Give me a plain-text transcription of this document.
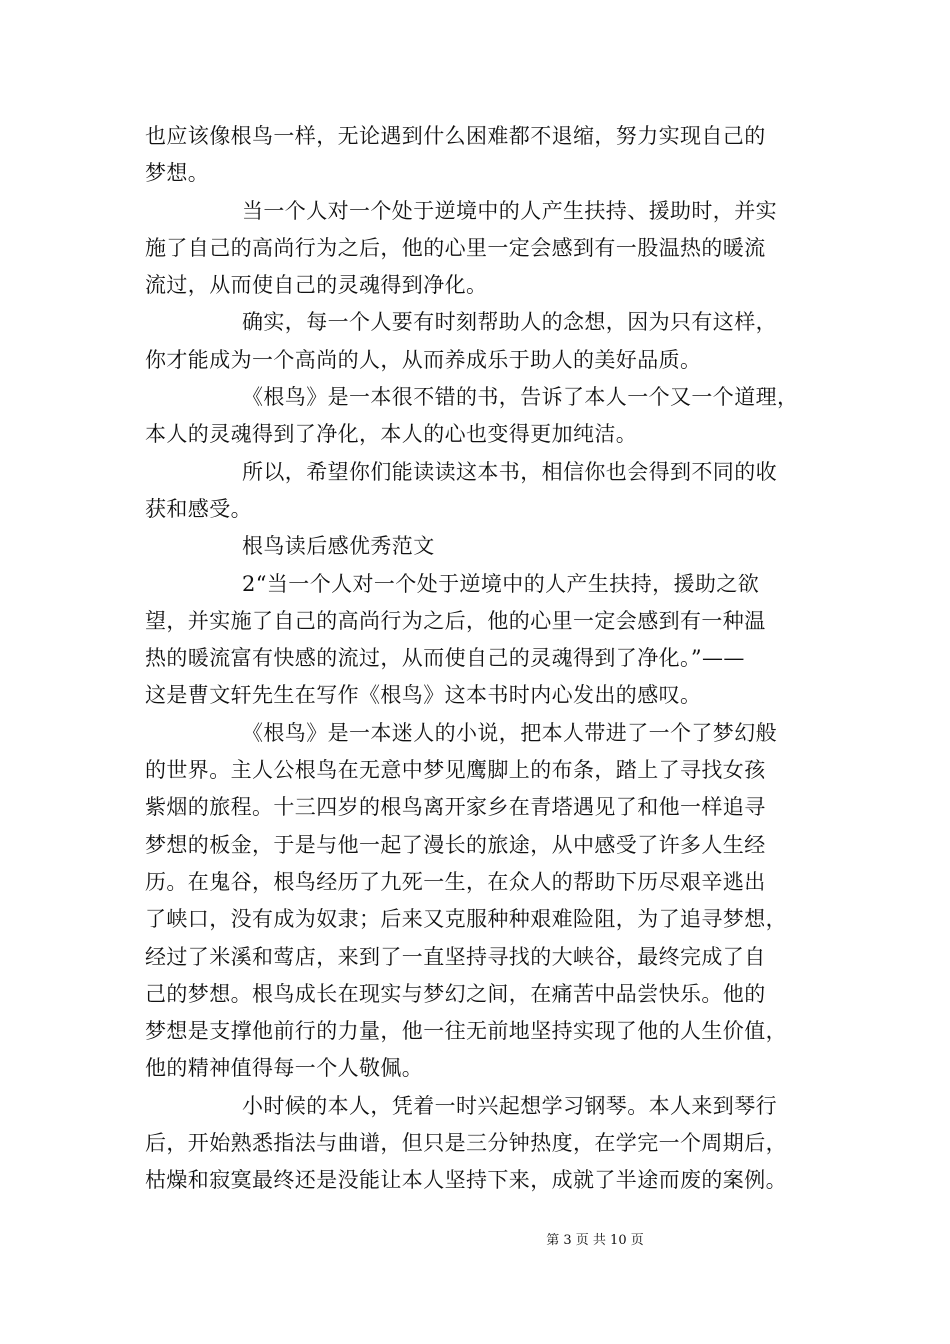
也应该像根鸟一样，无论遇到什么困难都不退缩，努力实现自己的
梦想。
当一个人对一个处于逆境中的人产生扶持、援助时，并实
施了自己的高尚行为之后，他的心里一定会感到有一股温热的暖流
流过，从而使自己的灵魂得到净化。
确实，每一个人要有时刻帮助人的念想，因为只有这样，
你才能成为一个高尚的人，从而养成乐于助人的美好品质。
《根鸟》是一本很不错的书，告诉了本人一个又一个道理，
本人的灵魂得到了净化，本人的心也变得更加纯洁。
所以，希望你们能读读这本书，相信你也会得到不同的收
获和感受。
根鸟读后感优秀范文
2“当一个人对一个处于逆境中的人产生扶持，援助之欲
望，并实施了自己的高尚行为之后，他的心里一定会感到有一种温
热的暖流富有快感的流过，从而使自己的灵魂得到了净化。”——
这是曹文轩先生在写作《根鸟》这本书时内心发出的感叹。
《根鸟》是一本迷人的小说，把本人带进了一个了梦幻般
的世界。主人公根鸟在无意中梦见鹰脚上的布条，踏上了寻找女孩
紫烟的旅程。十三四岁的根鸟离开家乡在青塔遇见了和他一样追寻
梦想的板金，于是与他一起了漫长的旅途，从中感受了许多人生经
历。在鬼谷，根鸟经历了九死一生，在众人的帮助下历尽艰辛逃出
了峡口，没有成为奴隶；后来又克服种种艰难险阻，为了追寻梦想，
经过了米溪和莺店，来到了一直坚持寻找的大峡谷，最终完成了自
己的梦想。根鸟成长在现实与梦幻之间，在痛苦中品尝快乐。他的
梦想是支撑他前行的力量，他一往无前地坚持实现了他的人生价值，
他的精神值得每一个人敬佩。
小时候的本人，凭着一时兴起想学习钢琴。本人来到琴行
后，开始熟悉指法与曲谱，但只是三分钟热度，在学完一个周期后，
枯燥和寂寞最终还是没能让本人坚持下来，成就了半途而废的案例。
第 3 页 共 10 页
